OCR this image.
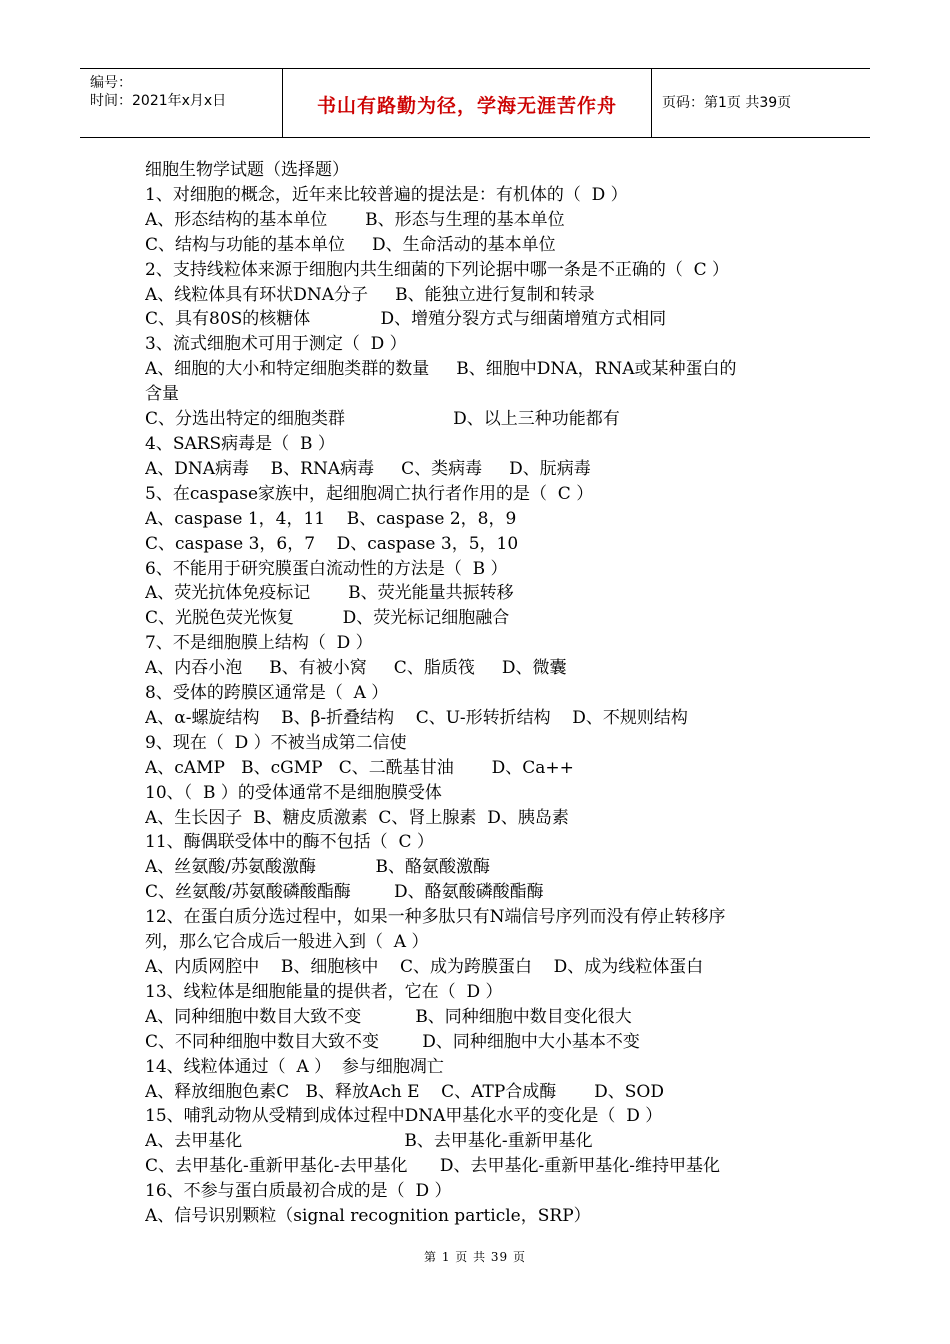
编号：
时间：2021年x月x日	书山有路勤为径，学海无涯苦作舟	页码：第1页 共39页
细胞生物学试题（选择题）
1、对细胞的概念，近年来比较普遍的提法是：有机体的（  D ）
A、形态结构的基本单位       B、形态与生理的基本单位
C、结构与功能的基本单位     D、生命活动的基本单位
2、支持线粒体来源于细胞内共生细菌的下列论据中哪一条是不正确的（  C ）
A、线粒体具有环状DNA分子     B、能独立进行复制和转录
C、具有80S的核糖体             D、增殖分裂方式与细菌增殖方式相同
3、流式细胞术可用于测定（  D ）
A、细胞的大小和特定细胞类群的数量     B、细胞中DNA，RNA或某种蛋白的
含量
C、分选出特定的细胞类群                    D、以上三种功能都有
4、SARS病毒是（  B ）
A、DNA病毒    B、RNA病毒     C、类病毒     D、朊病毒
5、在caspase家族中，起细胞凋亡执行者作用的是（  C ）
A、caspase 1，4，11    B、caspase 2，8，9
C、caspase 3，6，7    D、caspase 3，5，10
6、不能用于研究膜蛋白流动性的方法是（  B ）
A、荧光抗体免疫标记       B、荧光能量共振转移
C、光脱色荧光恢复         D、荧光标记细胞融合
7、不是细胞膜上结构（  D ）
A、内吞小泡     B、有被小窝     C、脂质筏     D、微囊
8、受体的跨膜区通常是（  A ）
A、α-螺旋结构    B、β-折叠结构    C、U-形转折结构    D、不规则结构
9、现在（  D ）不被当成第二信使
A、cAMP   B、cGMP   C、二酰基甘油       D、Ca++
10、（  B ）的受体通常不是细胞膜受体
A、生长因子  B、糖皮质激素  C、肾上腺素  D、胰岛素
11、酶偶联受体中的酶不包括（  C ）
A、丝氨酸/苏氨酸激酶           B、酪氨酸激酶
C、丝氨酸/苏氨酸磷酸酯酶        D、酪氨酸磷酸酯酶
12、在蛋白质分选过程中，如果一种多肽只有N端信号序列而没有停止转移序
列，那么它合成后一般进入到（  A ）
A、内质网腔中    B、细胞核中    C、成为跨膜蛋白    D、成为线粒体蛋白
13、线粒体是细胞能量的提供者，它在（  D ）
A、同种细胞中数目大致不变          B、同种细胞中数目变化很大
C、不同种细胞中数目大致不变        D、同种细胞中大小基本不变
14、线粒体通过（  A ）  参与细胞凋亡
A、释放细胞色素C   B、释放Ach E    C、ATP合成酶       D、SOD
15、哺乳动物从受精到成体过程中DNA甲基化水平的变化是（  D ）
A、去甲基化                              B、去甲基化-重新甲基化
C、去甲基化-重新甲基化-去甲基化      D、去甲基化-重新甲基化-维持甲基化
16、不参与蛋白质最初合成的是（  D ）
A、信号识别颗粒（signal recognition particle，SRP）
第 1 页 共 39 页
